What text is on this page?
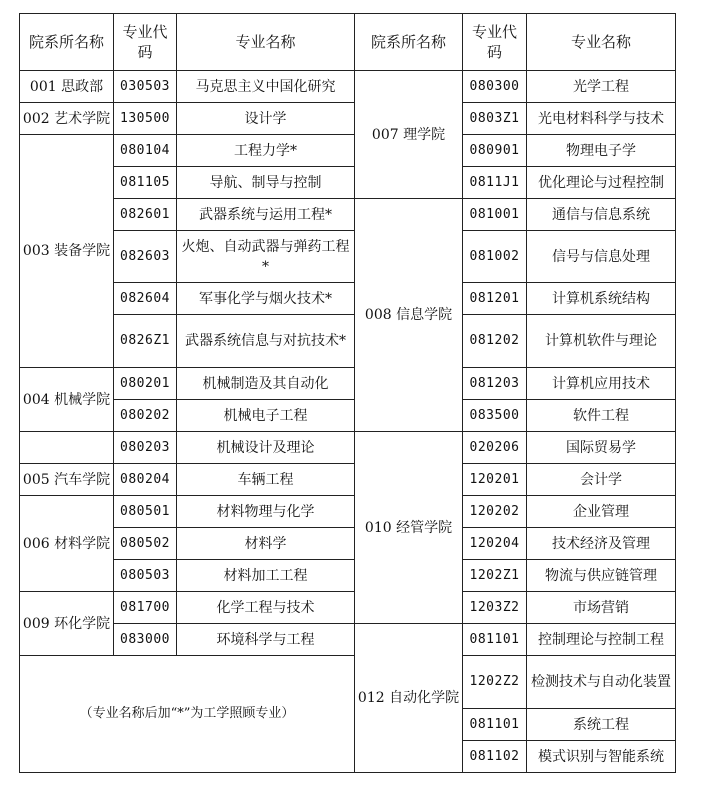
院系所名称	专业代码	专业名称	院系所名称	专业代码	专业名称
001 思政部	030503	马克思主义中国化研究	007 理学院	080300	光学工程
002 艺术学院	130500	设计学		0803Z1	光电材料科学与技术
003 装备学院	080104	工程力学*		080901	物理电子学
	081105	导航、制导与控制		0811J1	优化理论与过程控制
	082601	武器系统与运用工程*	008 信息学院	081001	通信与信息系统
	082603	火炮、自动武器与弹药工程*		081002	信号与信息处理
	082604	军事化学与烟火技术*		081201	计算机系统结构
	0826Z1	武器系统信息与对抗技术*		081202	计算机软件与理论
004 机械学院	080201	机械制造及其自动化		081203	计算机应用技术
	080202	机械电子工程		083500	软件工程
	080203	机械设计及理论	010 经管学院	020206	国际贸易学
005 汽车学院	080204	车辆工程		120201	会计学
006 材料学院	080501	材料物理与化学		120202	企业管理
	080502	材料学		120204	技术经济及管理
	080503	材料加工工程		1202Z1	物流与供应链管理
009 环化学院	081700	化学工程与技术		1203Z2	市场营销
	083000	环境科学与工程	012 自动化学院	081101	控制理论与控制工程
（专业名称后加“*”为工学照顾专业）				1202Z2	检测技术与自动化装置
				081101	系统工程
				081102	模式识别与智能系统
